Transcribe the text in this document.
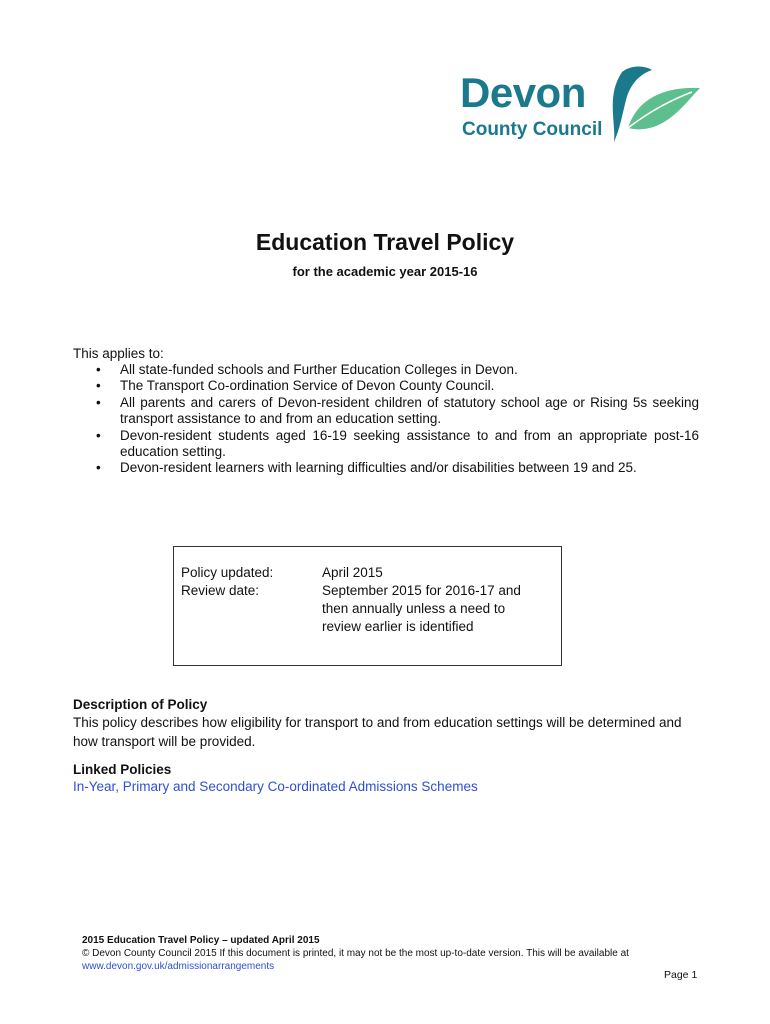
Devon
County Council
Education Travel Policy
for the academic year 2015-16
This applies to:
• All state-funded schools and Further Education Colleges in Devon.
• The Transport Co-ordination Service of Devon County Council.
• All parents and carers of Devon-resident children of statutory school age or Rising 5s seeking transport assistance to and from an education setting.
• Devon-resident students aged 16-19 seeking assistance to and from an appropriate post-16 education setting.
• Devon-resident learners with learning difficulties and/or disabilities between 19 and 25.
Policy updated:	April 2015
Review date:	September 2015 for 2016-17 and then annually unless a need to review earlier is identified
Description of Policy
This policy describes how eligibility for transport to and from education settings will be determined and how transport will be provided.
Linked Policies
In-Year, Primary and Secondary Co-ordinated Admissions Schemes
2015 Education Travel Policy – updated April 2015
© Devon County Council 2015 If this document is printed, it may not be the most up-to-date version. This will be available at
www.devon.gov.uk/admissionarrangements
Page 1
